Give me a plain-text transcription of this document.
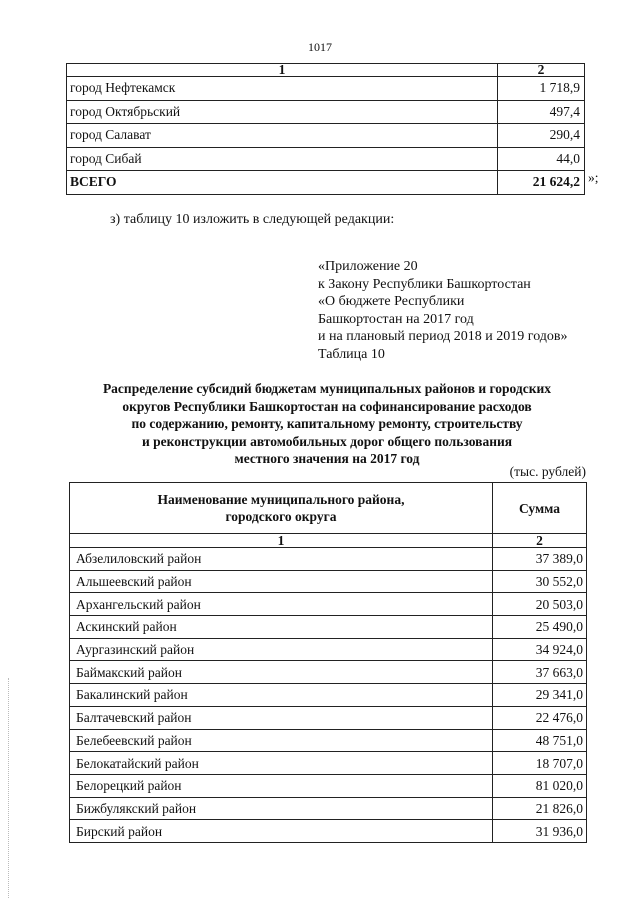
1017
1	2
город Нефтекамск	1 718,9
город Октябрьский	497,4
город Салават	290,4
город Сибай	44,0
ВСЕГО	21 624,2 »;
з) таблицу 10 изложить в следующей редакции:
«Приложение 20
к Закону Республики Башкортостан
«О бюджете Республики
Башкортостан на 2017 год
и на плановый период 2018 и 2019 годов»
Таблица 10
Распределение субсидий бюджетам муниципальных районов и городских
округов Республики Башкортостан на софинансирование расходов
по содержанию, ремонту, капитальному ремонту, строительству
и реконструкции автомобильных дорог общего пользования
местного значения на 2017 год
(тыс. рублей)
Наименование муниципального района, городского округа	Сумма
1	2
Абзелиловский район	37 389,0
Альшеевский район	30 552,0
Архангельский район	20 503,0
Аскинский район	25 490,0
Аургазинский район	34 924,0
Баймакский район	37 663,0
Бакалинский район	29 341,0
Балтачевский район	22 476,0
Белебеевский район	48 751,0
Белокатайский район	18 707,0
Белорецкий район	81 020,0
Бижбулякский район	21 826,0
Бирский район	31 936,0
